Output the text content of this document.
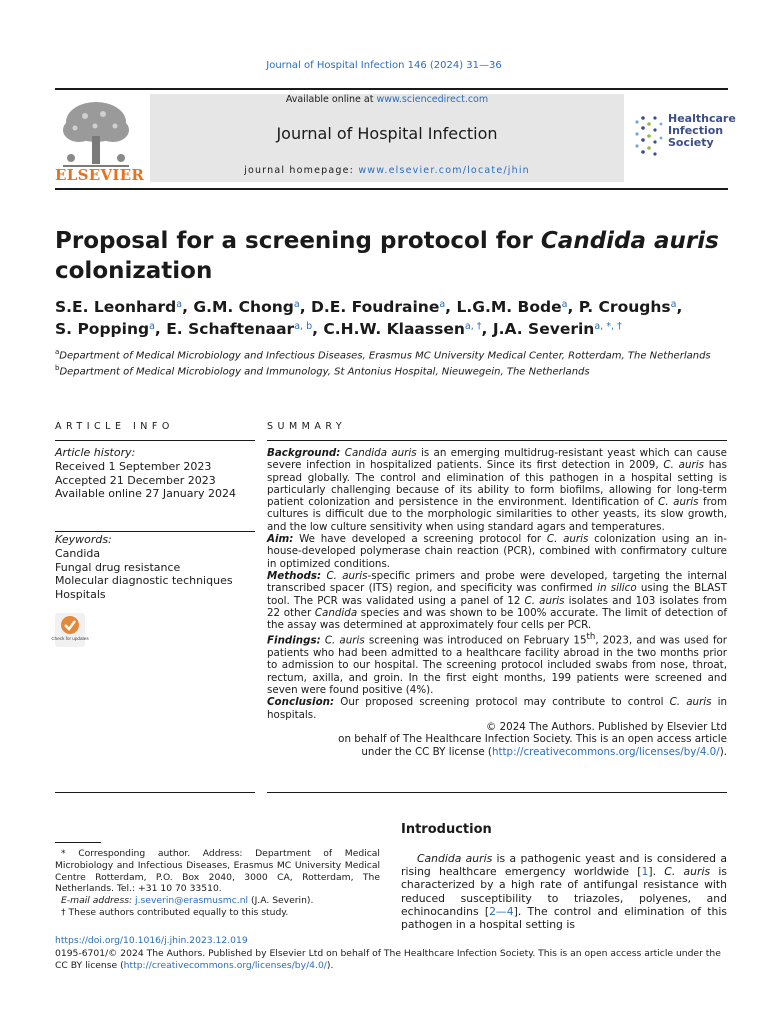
Journal of Hospital Infection 146 (2024) 31—36
ELSEVIER
Available online at www.sciencedirect.com
Journal of Hospital Infection
journal homepage: www.elsevier.com/locate/jhin
Healthcare
Infection
Society
Proposal for a screening protocol for Candida auris
colonization
S.E. Leonhard$^a$, G.M. Chong$^a$, D.E. Foudraine$^a$, L.G.M. Bode$^a$, P. Croughs$^a$,
S. Popping$^a$, E. Schaftenaar$^{a, b}$, C.H.W. Klaassen$^{a, \dagger}$, J.A. Severin$^{a, *, \dagger}$
$^a$Department of Medical Microbiology and Infectious Diseases, Erasmus MC University Medical Center, Rotterdam, The Netherlands
$^b$Department of Medical Microbiology and Immunology, St Antonius Hospital, Nieuwegein, The Netherlands
ARTICLE INFO
Article history:
Received 1 September 2023
Accepted 21 December 2023
Available online 27 January 2024
Keywords:
Candida
Fungal drug resistance
Molecular diagnostic techniques
Hospitals
Check for updates
SUMMARY

Background: Candida auris is an emerging multidrug-resistant yeast which can cause severe infection in hospitalized patients. Since its first detection in 2009, C. auris has spread globally. The control and elimination of this pathogen in a hospital setting is particularly challenging because of its ability to form biofilms, allowing for long-term patient colonization and persistence in the environment. Identification of C. auris from cultures is difficult due to the morphologic similarities to other yeasts, its slow growth, and the low culture sensitivity when using standard agars and temperatures.

Aim: We have developed a screening protocol for C. auris colonization using an in-house-developed polymerase chain reaction (PCR), combined with confirmatory culture in optimized conditions.

Methods: C. auris-specific primers and probe were developed, targeting the internal transcribed spacer (ITS) region, and specificity was confirmed in silico using the BLAST tool. The PCR was validated using a panel of 12 C. auris isolates and 103 isolates from 22 other Candida species and was shown to be 100% accurate. The limit of detection of the assay was determined at approximately four cells per PCR.

Findings: C. auris screening was introduced on February 15th, 2023, and was used for patients who had been admitted to a healthcare facility abroad in the two months prior to admission to our hospital. The screening protocol included swabs from nose, throat, rectum, axilla, and groin. In the first eight months, 199 patients were screened and seven were found positive (4%).

Conclusion: Our proposed screening protocol may contribute to control C. auris in hospitals.

© 2024 The Authors. Published by Elsevier Ltd
on behalf of The Healthcare Infection Society. This is an open access article
under the CC BY license (http://creativecommons.org/licenses/by/4.0/).

* Corresponding author. Address: Department of Medical Microbiology and Infectious Diseases, Erasmus MC University Medical Centre Rotterdam, P.O. Box 2040, 3000 CA, Rotterdam, The Netherlands. Tel.: +31 10 70 33510.

E-mail address: j.severin@erasmusmc.nl (J.A. Severin).

† These authors contributed equally to this study.

Introduction

Candida auris is a pathogenic yeast and is considered a rising healthcare emergency worldwide [1]. C. auris is characterized by a high rate of antifungal resistance with reduced susceptibility to triazoles, polyenes, and echinocandins [2—4]. The control and elimination of this pathogen in a hospital setting is

https://doi.org/10.1016/j.jhin.2023.12.019
0195-6701/© 2024 The Authors. Published by Elsevier Ltd on behalf of The Healthcare Infection Society. This is an open access article under the CC BY license (http://creativecommons.org/licenses/by/4.0/).
